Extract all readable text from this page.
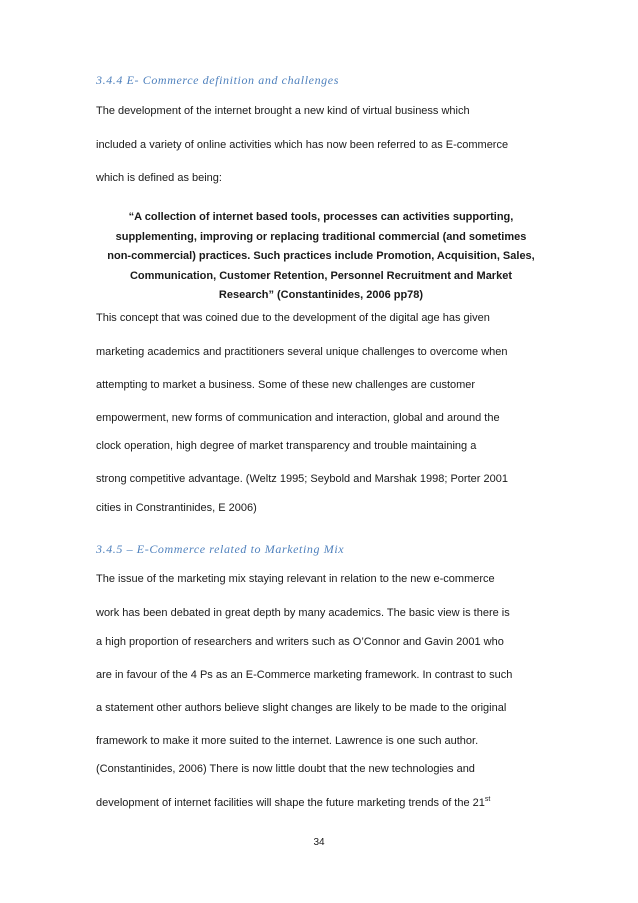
3.4.4 E- Commerce definition and challenges

The development of the internet brought a new kind of virtual business which

included a variety of online activities which has now been referred to as E-commerce

which is defined as being:

“A collection of internet based tools, processes can activities supporting,
supplementing, improving or replacing traditional commercial (and sometimes
non-commercial) practices. Such practices include Promotion, Acquisition, Sales,
Communication, Customer Retention, Personnel Recruitment and Market
Research” (Constantinides, 2006 pp78)

This concept that was coined due to the development of the digital age has given

marketing academics and practitioners several unique challenges to overcome when

attempting to market a business. Some of these new challenges are customer

empowerment, new forms of communication and interaction, global and around the

clock operation, high degree of market transparency and trouble maintaining a

strong competitive advantage. (Weltz 1995; Seybold and Marshak 1998; Porter 2001

cities in Constrantinides, E 2006)

3.4.5 – E-Commerce related to Marketing Mix

The issue of the marketing mix staying relevant in relation to the new e-commerce

work has been debated in great depth by many academics. The basic view is there is

a high proportion of researchers and writers such as O’Connor and Gavin 2001 who

are in favour of the 4 Ps as an E-Commerce marketing framework. In contrast to such

a statement other authors believe slight changes are likely to be made to the original

framework to make it more suited to the internet. Lawrence is one such author.

(Constantinides, 2006) There is now little doubt that the new technologies and

development of internet facilities will shape the future marketing trends of the 21st

34
